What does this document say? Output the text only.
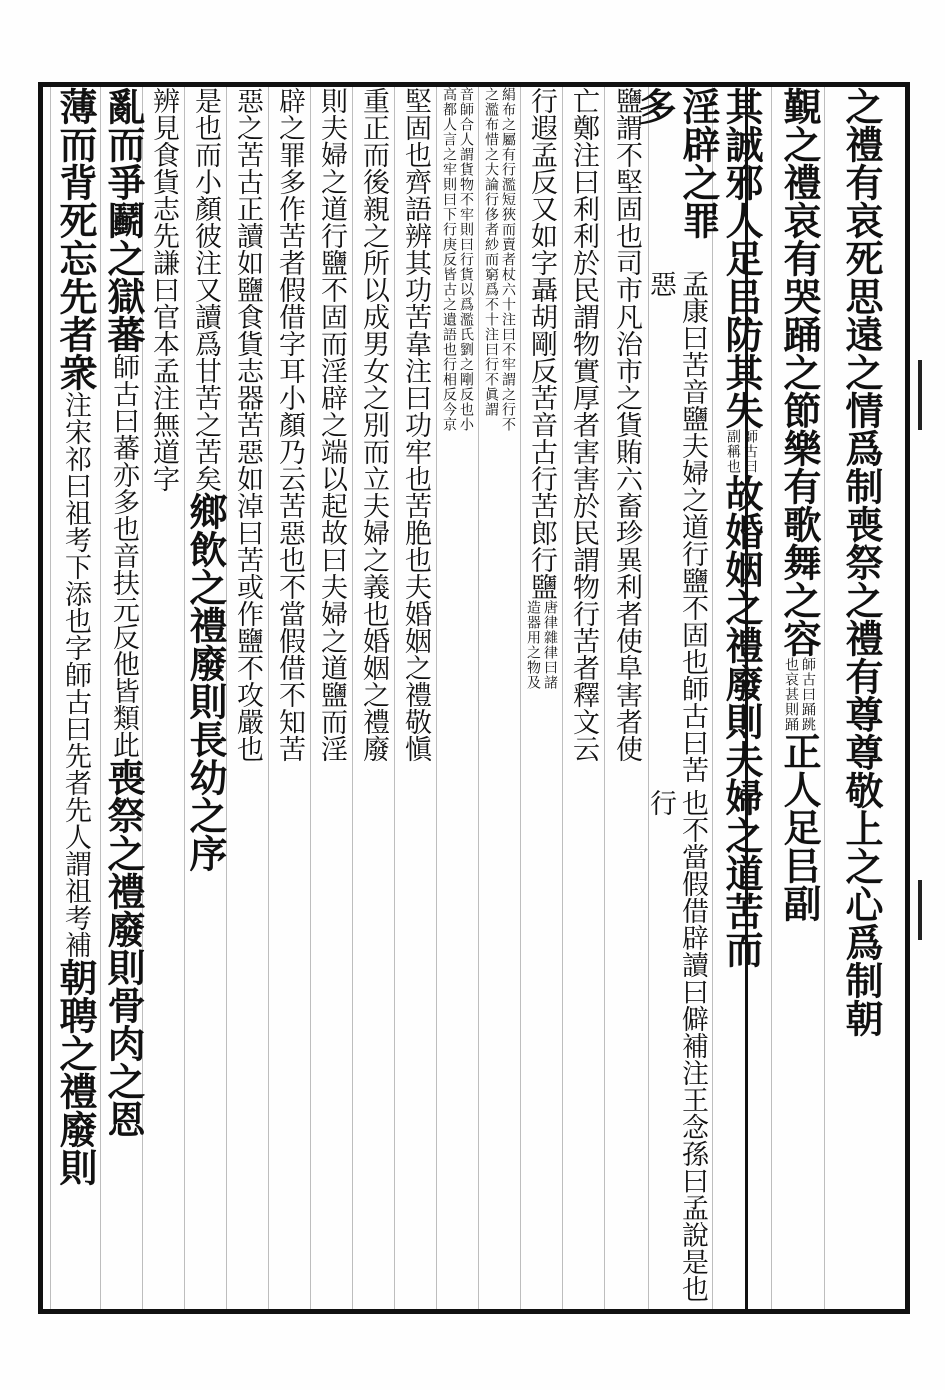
之禮有哀死思遠之情爲制喪祭之禮有尊尊敬上之心爲制朝
覲之禮哀有哭踊之節樂有歌舞之容
師古曰踊跳
也哀甚則踊
正人足㠯副
其誠邪人足㠯防其失
師古曰
副稱也
故婚姻之禮廢則夫婦之道苦而
淫辟之罪多
孟康曰苦音鹽夫婦之道行鹽不固也師古曰苦惡
也不當假借辟讀曰僻補注王念孫曰孟說是也行
鹽謂不堅固也司市凡治市之貨賄六畜珍異利者使阜害者使
亡鄭注曰利利於民謂物實厚者害害於民謂物行苦者釋文云
行遐孟反又如字聶胡剛反苦音古行苦郎行鹽
唐律雜律曰諸
造器用之物及
絹布之屬有行濫短狹而賣者杖六十注曰不牢謂之行不
之濫布惜之大論行侈者紗而窮爲不十注曰行不眞謂
音師合人謂貨物不牢則曰行貨以爲濫氏劉之剛反也小
高都人言之牢則曰下行庚反皆古之遺語也行相反今京
堅固也齊語辨其功苦韋注曰功牢也苦脃也夫婚姻之禮敬愼
重正而後親之所以成男女之別而立夫婦之義也婚姻之禮廢
則夫婦之道行鹽不固而淫辟之端以起故曰夫婦之道鹽而淫
辟之罪多作苦者假借字耳小顏乃云苦惡也不當假借不知苦
惡之苦古正讀如鹽食貨志器苦惡如淖曰苦或作鹽不攻嚴也
是也而小顏彼注又讀爲甘苦之苦矣
鄉飲之禮廢則長幼之序
辨見食貨志先謙曰官本孟注無道字
亂而爭鬬之獄蕃
師古曰蕃亦多也音扶元反他皆類此
喪祭之禮廢則骨肉之恩
薄而背死忘先者衆
注宋祁曰祖考下添也字
師古曰先者先人謂祖考補
朝聘之禮廢則
